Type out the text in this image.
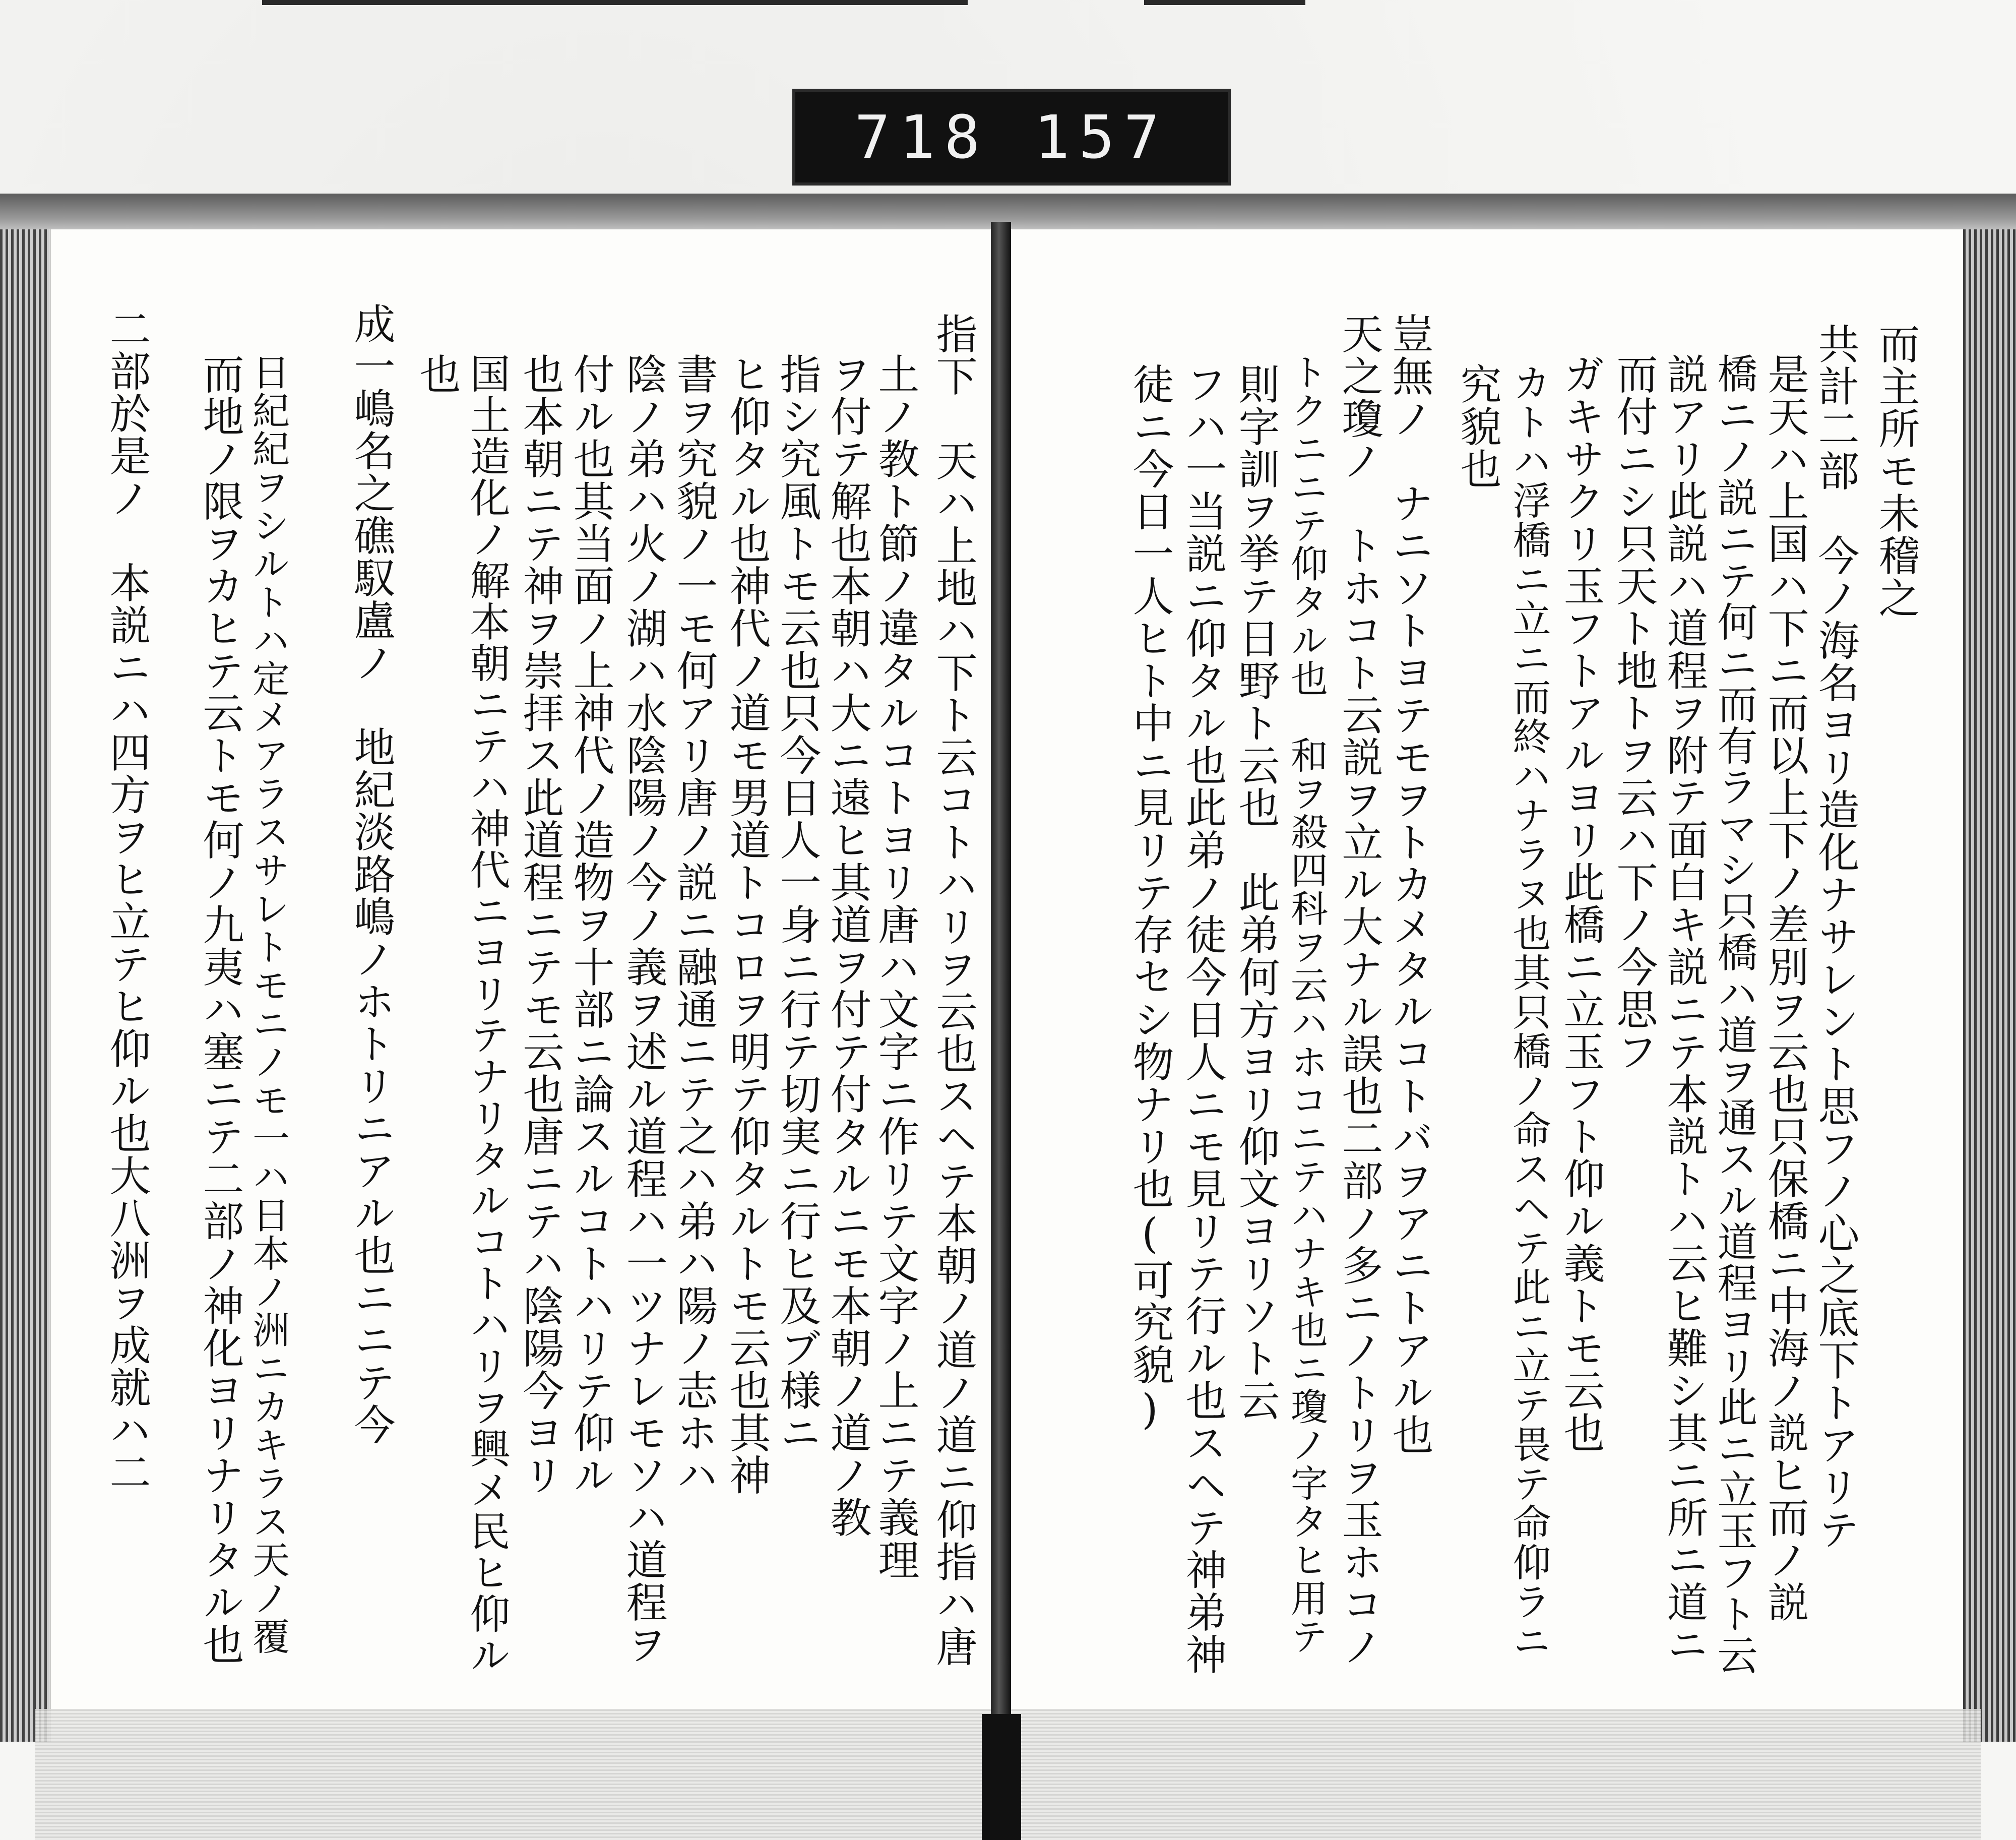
718 157
而主所モ未稽之
共計二部　今ノ海名ヨリ造化ナサレント思フノ心之底下トアリテ
是天ハ上国ハ下ニ而以上下ノ差別ヲ云也只保橋ニ中海ノ説ヒ而ノ説
橋ニノ説ニテ何ニ而有ラマシ只橋ハ道ヲ通スル道程ヨリ此ニ立玉フト云
説アリ此説ハ道程ヲ附テ面白キ説ニテ本説トハ云ヒ難シ其ニ所ニ道ニ
而付ニシ只天ト地トヲ云ハ下ノ今思フ
ガキサクリ玉フトアルヨリ此橋ニ立玉フト仰ル義トモ云也
カトハ浮橋ニ立ニ而終ハナラヌ也其只橋ノ命スヘテ此ニ立テ畏テ命仰ラニ
究貌也
豈無ノ　ナニソトヨテモヲトカメタルコトバヲアニトアル也
天之瓊ノ　トホコト云説ヲ立ル大ナル誤也二部ノ多ニノトリヲ玉ホコノ
トクニニテ仰タル也　和ヲ殺四科ヲ云ハホコニテハナキ也ニ瓊ノ字タヒ用テ
則字訓ヲ挙テ日野ト云也　此弟何方ヨリ仰文ヨリソト云
フハ一当説ニ仰タル也此弟ノ徒今日人ニモ見リテ行ル也スヘテ神弟神
徒ニ今日一人ヒト中ニ見リテ存セシ物ナリ也(可究貌)
指下　天ハ上地ハ下ト云コトハリヲ云也スヘテ本朝ノ道ノ道ニ仰指ハ唐
土ノ教ト節ノ違タルコトヨリ唐ハ文字ニ作リテ文字ノ上ニテ義理
ヲ付テ解也本朝ハ大ニ遠ヒ其道ヲ付テ付タルニモ本朝ノ道ノ教
指シ究風トモ云也只今日人一身ニ行テ切実ニ行ヒ及ブ様ニ
ヒ仰タル也神代ノ道モ男道トコロヲ明テ仰タルトモ云也其神
書ヲ究貌ノ一モ何アリ唐ノ説ニ融通ニテ之ハ弟ハ陽ノ志ホハ
陰ノ弟ハ火ノ湖ハ水陰陽ノ今ノ義ヲ述ル道程ハ一ツナレモソハ道程ヲ
付ル也其当面ノ上神代ノ造物ヲ十部ニ論スルコトハリテ仰ル
也本朝ニテ神ヲ崇拝ス此道程ニテモ云也唐ニテハ陰陽今ヨリ
国土造化ノ解本朝ニテハ神代ニヨリテナリタルコトハリヲ興メ民ヒ仰ル
也
成一嶋名之礁馭盧ノ　地紀淡路嶋ノホトリニアル也ニニテ今
日紀紀ヲシルトハ定メアラスサレトモニノモ一ハ日本ノ洲ニカキラス天ノ覆
而地ノ限ヲカヒテ云トモ何ノ九夷ハ塞ニテ二部ノ神化ヨリナリタル也
二部於是ノ　本説ニハ四方ヲヒ立テヒ仰ル也大八洲ヲ成就ハ二
